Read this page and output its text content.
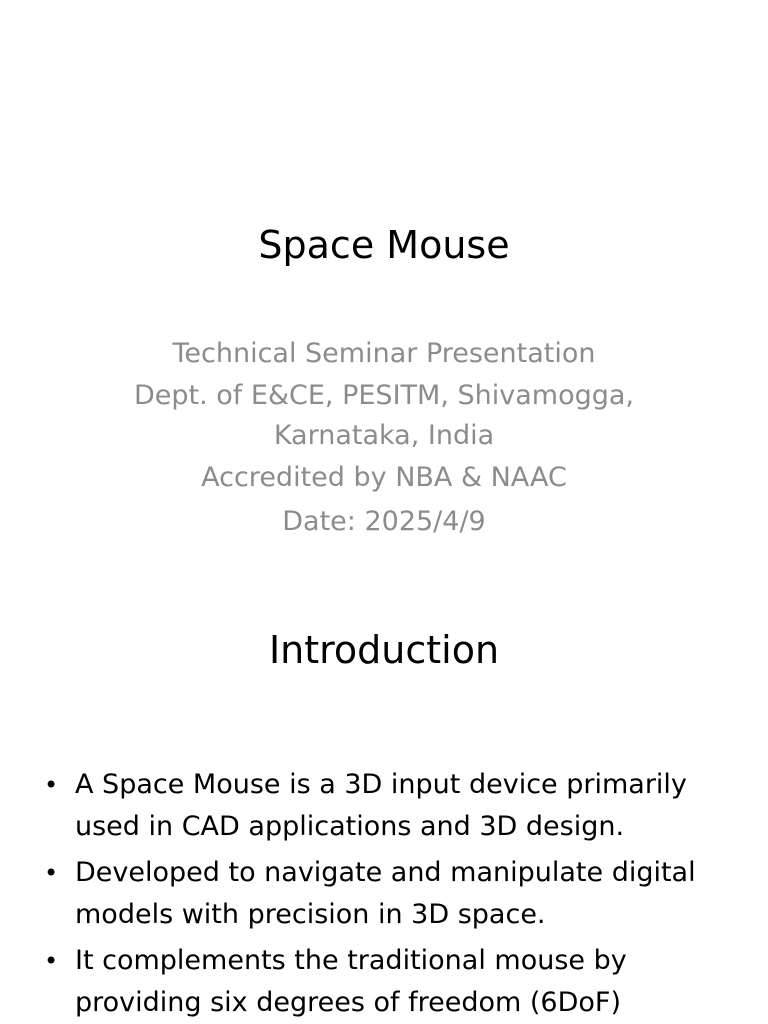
Space Mouse
Technical Seminar Presentation
Dept. of E&CE, PESITM, Shivamogga, Karnataka, India
Accredited by NBA & NAAC
Date: 2025/4/9
Introduction
• A Space Mouse is a 3D input device primarily used in CAD applications and 3D design.
• Developed to navigate and manipulate digital models with precision in 3D space.
• It complements the traditional mouse by providing six degrees of freedom (6DoF)
